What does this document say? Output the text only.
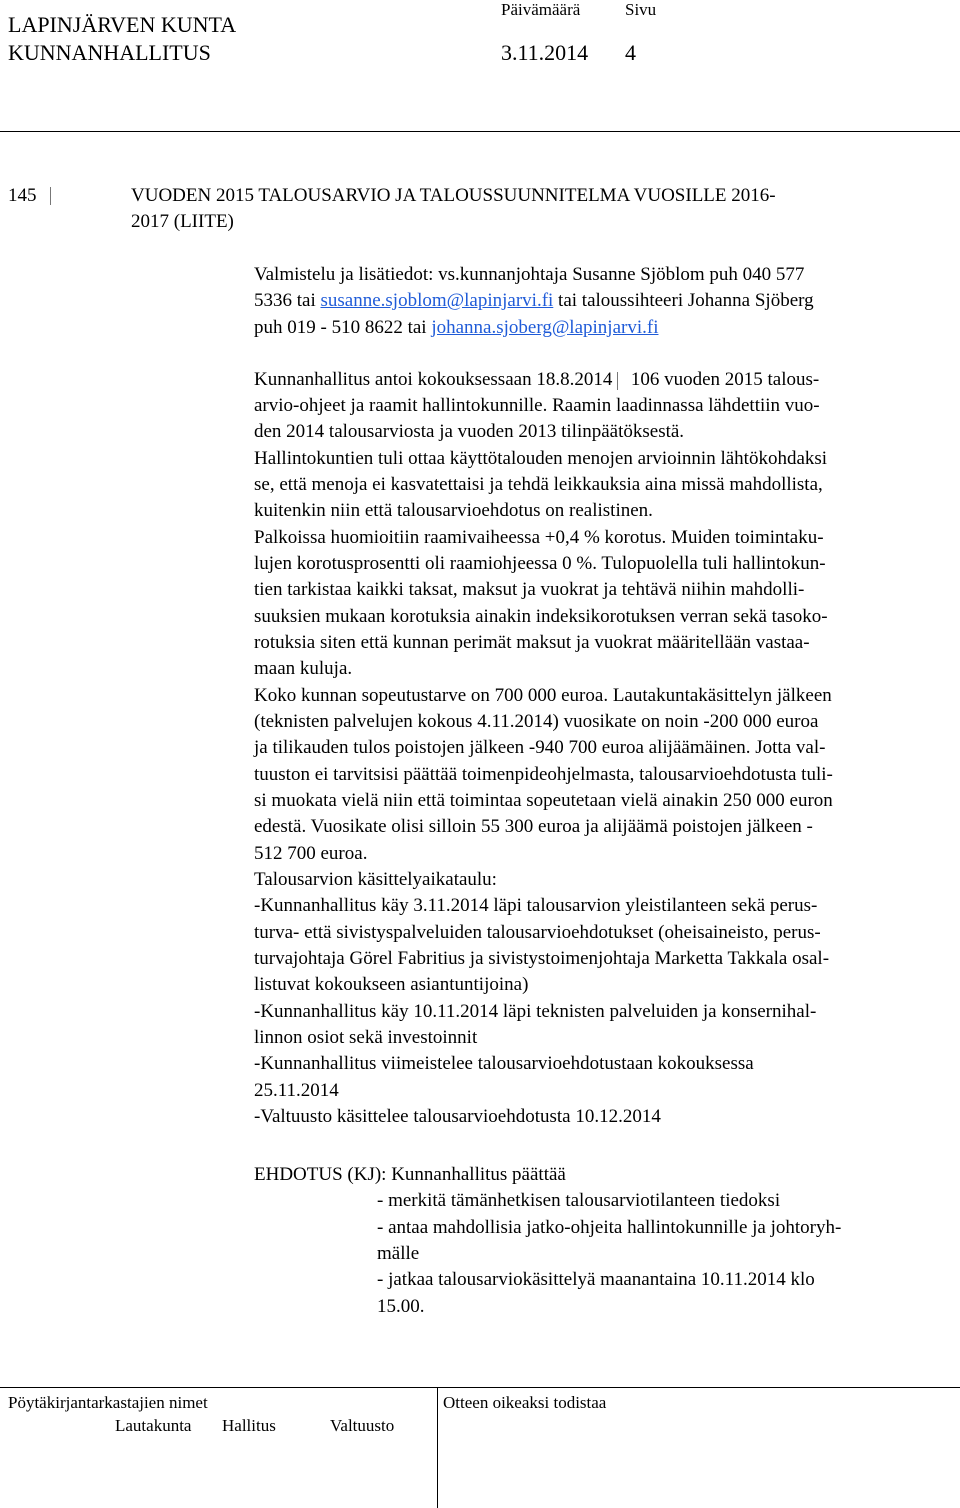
LAPINJÄRVEN KUNTA
KUNNANHALLITUS
Päivämäärä	Sivu
3.11.2014 4
145	VUODEN 2015 TALOUSARVIO JA TALOUSSUUNNITELMA VUOSILLE 2016-
2017 (LIITE)
Valmistelu ja lisätiedot: vs.kunnanjohtaja Susanne Sjöblom puh 040 577
5336 tai susanne.sjoblom@lapinjarvi.fi tai taloussihteeri Johanna Sjöberg
puh 019 - 510 8622 tai johanna.sjoberg@lapinjarvi.fi
Kunnanhallitus antoi kokouksessaan 18.8.2014 106 vuoden 2015 talous-
arvio-ohjeet ja raamit hallintokunnille. Raamin laadinnassa lähdettiin vuo-
den 2014 talousarviosta ja vuoden 2013 tilinpäätöksestä.
Hallintokuntien tuli ottaa käyttötalouden menojen arvioinnin lähtökohdaksi
se, että menoja ei kasvatettaisi ja tehdä leikkauksia aina missä mahdollista,
kuitenkin niin että talousarvioehdotus on realistinen.
Palkoissa huomioitiin raamivaiheessa +0,4 % korotus. Muiden toimintaku-
lujen korotusprosentti oli raamiohjeessa 0 %. Tulopuolella tuli hallintokun-
tien tarkistaa kaikki taksat, maksut ja vuokrat ja tehtävä niihin mahdolli-
suuksien mukaan korotuksia ainakin indeksikorotuksen verran sekä tasoko-
rotuksia siten että kunnan perimät maksut ja vuokrat määritellään vastaa-
maan kuluja.
Koko kunnan sopeutustarve on 700 000 euroa. Lautakuntakäsittelyn jälkeen
(teknisten palvelujen kokous 4.11.2014) vuosikate on noin -200 000 euroa
ja tilikauden tulos poistojen jälkeen -940 700 euroa alijäämäinen. Jotta val-
tuuston ei tarvitsisi päättää toimenpideohjelmasta, talousarvioehdotusta tuli-
si muokata vielä niin että toimintaa sopeutetaan vielä ainakin 250 000 euron
edestä. Vuosikate olisi silloin 55 300 euroa ja alijäämä poistojen jälkeen -
512 700 euroa.
Talousarvion käsittelyaikataulu:
-Kunnanhallitus käy 3.11.2014 läpi talousarvion yleistilanteen sekä perus-
turva- että sivistyspalveluiden talousarvioehdotukset (oheisaineisto, perus-
turvajohtaja Görel Fabritius ja sivistystoimenjohtaja Marketta Takkala osal-
listuvat kokoukseen asiantuntijoina)
-Kunnanhallitus käy 10.11.2014 läpi teknisten palveluiden ja konsernihal-
linnon osiot sekä investoinnit
-Kunnanhallitus viimeistelee talousarvioehdotustaan kokouksessa
25.11.2014
-Valtuusto käsittelee talousarvioehdotusta 10.12.2014
EHDOTUS (KJ): Kunnanhallitus päättää
- merkitä tämänhetkisen talousarviotilanteen tiedoksi
- antaa mahdollisia jatko-ohjeita hallintokunnille ja johtoryh-
mälle
- jatkaa talousarviokäsittelyä maanantaina 10.11.2014 klo
15.00.
Pöytäkirjantarkastajien nimet	Otteen oikeaksi todistaa
Lautakunta Hallitus	Valtuusto
